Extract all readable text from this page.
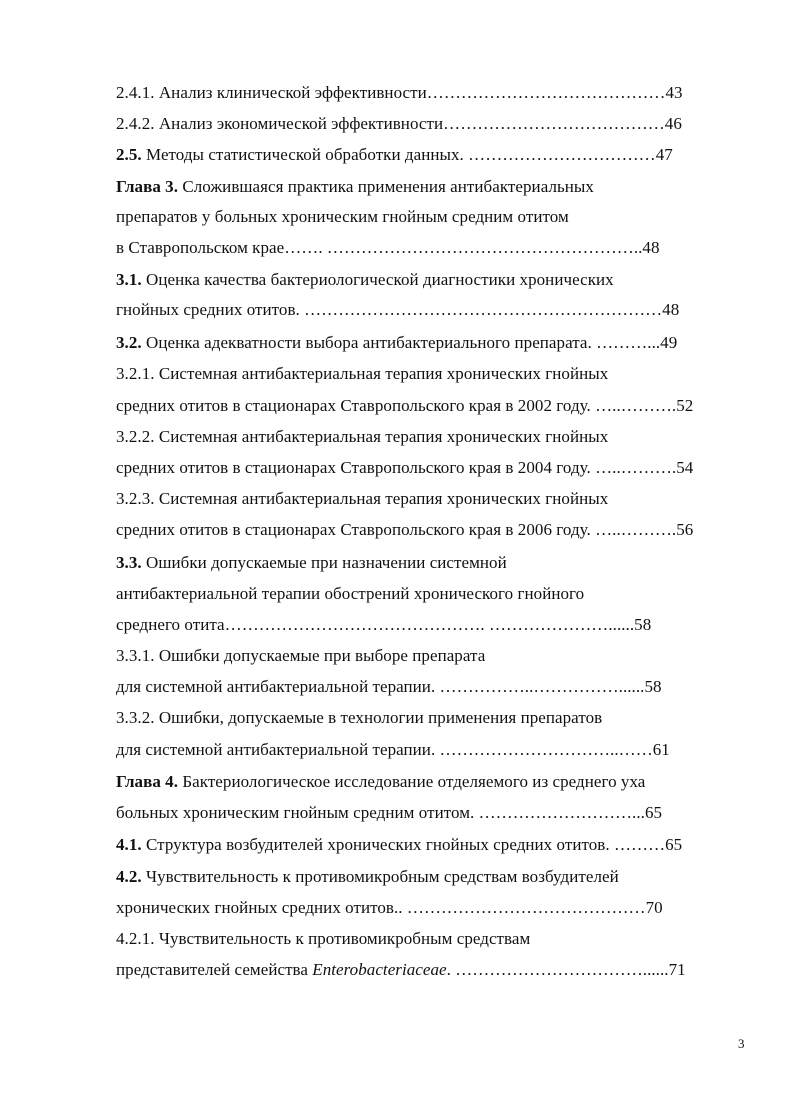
2.4.1. Анализ клинической эффективности……………………………………43
2.4.2. Анализ экономической эффективности…………………………………46
2.5. Методы статистической обработки данных. ……………………………47
Глава 3. Сложившаяся практика применения антибактериальных
препаратов у больных хроническим гнойным средним отитом
в Ставропольском крае……. ………………………………………………..48
3.1. Оценка качества бактериологической диагностики хронических
гнойных средних отитов. ………………………………………………………48
3.2. Оценка адекватности выбора антибактериального препарата. ………...49
3.2.1. Системная антибактериальная терапия хронических гнойных
средних отитов в стационарах Ставропольского края в 2002 году. …..……….52
3.2.2. Системная антибактериальная терапия хронических гнойных
средних отитов в стационарах Ставропольского края в 2004 году. …..……….54
3.2.3. Системная антибактериальная терапия хронических гнойных
средних отитов в стационарах Ставропольского края в 2006 году. …..……….56
3.3. Ошибки допускаемые при назначении системной
антибактериальной терапии обострений хронического гнойного
среднего отита………………………………………. …………………......58
3.3.1. Ошибки допускаемые при выборе препарата
для системной антибактериальной терапии. ……………..……………......58
3.3.2. Ошибки, допускаемые в технологии применения препаратов
для системной антибактериальной терапии. …………………………..……61
Глава 4. Бактериологическое исследование отделяемого из среднего уха
больных хроническим гнойным средним отитом. ………………………...65
4.1. Структура возбудителей хронических гнойных средних отитов. ………65
4.2. Чувствительность к противомикробным средствам возбудителей
хронических гнойных средних отитов.. ……………………………………70
4.2.1. Чувствительность к противомикробным средствам
представителей семейства Enterobacteriaceae. ……………………………......71
3
